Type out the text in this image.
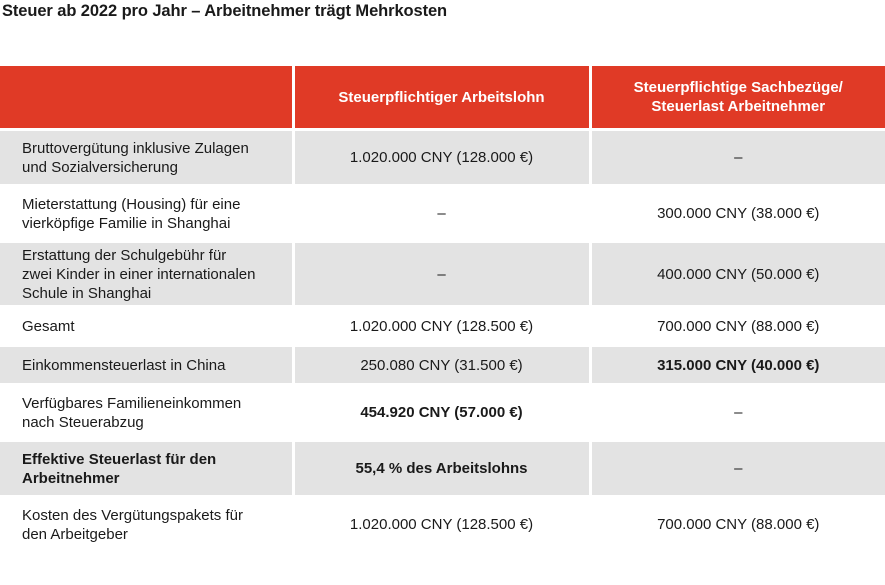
Steuer ab 2022 pro Jahr – Arbeitnehmer trägt Mehrkosten
	Steuerpflichtiger Arbeitslohn	Steuerpflichtige Sachbezüge/
Steuerlast Arbeitnehmer
Bruttovergütung inklusive Zulagen
und Sozialversicherung	1.020.000 CNY (128.000 €)	–
Mieterstattung (Housing) für eine
vierköpfige Familie in Shanghai	–	300.000 CNY (38.000 €)
Erstattung der Schulgebühr für
zwei Kinder in einer internationalen
Schule in Shanghai	–	400.000 CNY (50.000 €)
Gesamt	1.020.000 CNY (128.500 €)	700.000 CNY (88.000 €)
Einkommensteuerlast in China	250.080 CNY (31.500 €)	315.000 CNY (40.000 €)
Verfügbares Familieneinkommen
nach Steuerabzug	454.920 CNY (57.000 €)	–
Effektive Steuerlast für den
Arbeitnehmer	55,4 % des Arbeitslohns	–
Kosten des Vergütungspakets für
den Arbeitgeber	1.020.000 CNY (128.500 €)	700.000 CNY (88.000 €)
